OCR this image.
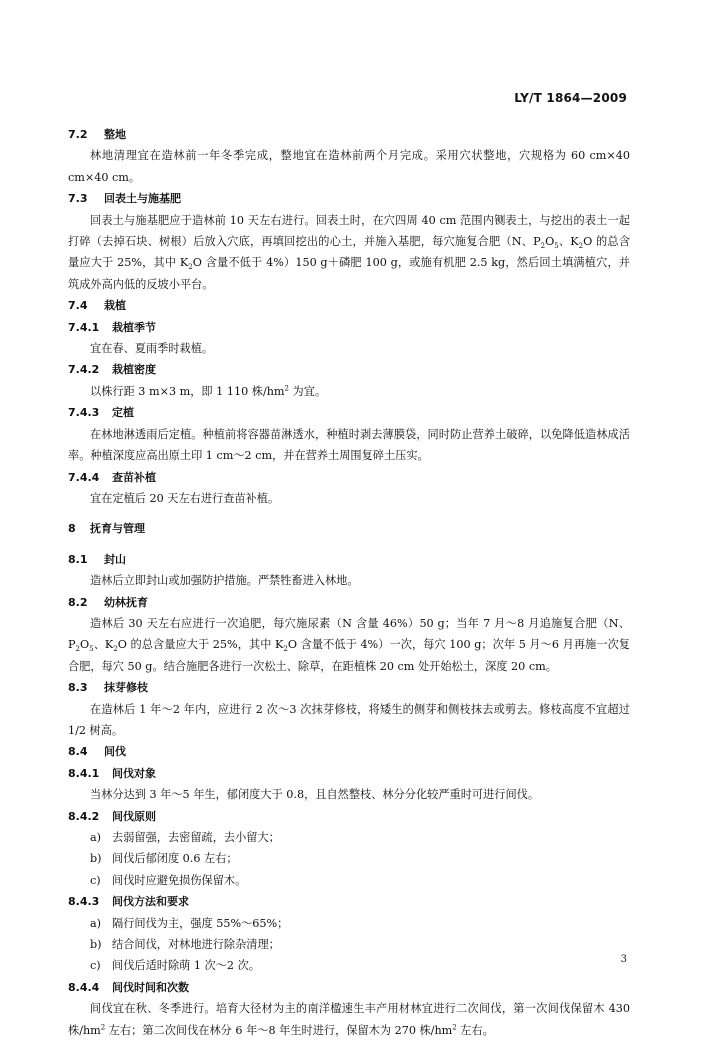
LY/T 1864—2009
7.2 整地
林地清理宜在造林前一年冬季完成，整地宜在造林前两个月完成。采用穴状整地，穴规格为 60 cm×40 cm×40 cm。
7.3 回表土与施基肥
回表土与施基肥应于造林前 10 天左右进行。回表土时，在穴四周 40 cm 范围内铡表土，与挖出的表土一起打碎（去掉石块、树根）后放入穴底，再填回挖出的心土，并施入基肥，每穴施复合肥（N、$P_2O_5$、$K_2O$ 的总含量应大于 25%，其中 $K_2O$ 含量不低于 4%）150 g＋磷肥 100 g，或施有机肥 2.5 kg，然后回土填满植穴，并筑成外高内低的反坡小平台。
7.4 栽植
7.4.1 栽植季节
宜在春、夏雨季时栽植。
7.4.2 栽植密度
以株行距 3 m×3 m，即 1 110 株$/hm^2$ 为宜。
7.4.3 定植
在林地淋透雨后定植。种植前将容器苗淋透水，种植时剥去薄膜袋，同时防止营养土破碎，以免降低造林成活率。种植深度应高出原土印 1 cm～2 cm，并在营养土周围复碎土压实。
7.4.4 查苗补植
宜在定植后 20 天左右进行查苗补植。
8 抚育与管理
8.1 封山
造林后立即封山或加强防护措施。严禁牲畜进入林地。
8.2 幼林抚育
造林后 30 天左右应进行一次追肥，每穴施尿素（N 含量 46%）50 g；当年 7 月～8 月追施复合肥（N、$P_2O_5$、$K_2O$ 的总含量应大于 25%，其中 $K_2O$ 含量不低于 4%）一次，每穴 100 g；次年 5 月～6 月再施一次复合肥，每穴 50 g。结合施肥各进行一次松土、除草，在距植株 20 cm 处开始松土，深度 20 cm。
8.3 抹芽修枝
在造林后 1 年～2 年内，应进行 2 次～3 次抹芽修枝，将矮生的侧芽和侧枝抹去或剪去。修枝高度不宜超过 1/2 树高。
8.4 间伐
8.4.1 间伐对象
当林分达到 3 年～5 年生，郁闭度大于 0.8，且自然整枝、林分分化较严重时可进行间伐。
8.4.2 间伐原则
a) 去弱留强，去密留疏，去小留大；
b) 间伐后郁闭度 0.6 左右；
c) 间伐时应避免损伤保留木。
8.4.3 间伐方法和要求
a) 隔行间伐为主，强度 55%～65%；
b) 结合间伐，对林地进行除杂清理；
c) 间伐后适时除萌 1 次～2 次。
8.4.4 间伐时间和次数
间伐宜在秋、冬季进行。培育大径材为主的南洋楹速生丰产用材林宜进行二次间伐，第一次间伐保留木 430 株$/hm^2$ 左右；第二次间伐在林分 6 年～8 年生时进行，保留木为 270 株$/hm^2$ 左右。
3
